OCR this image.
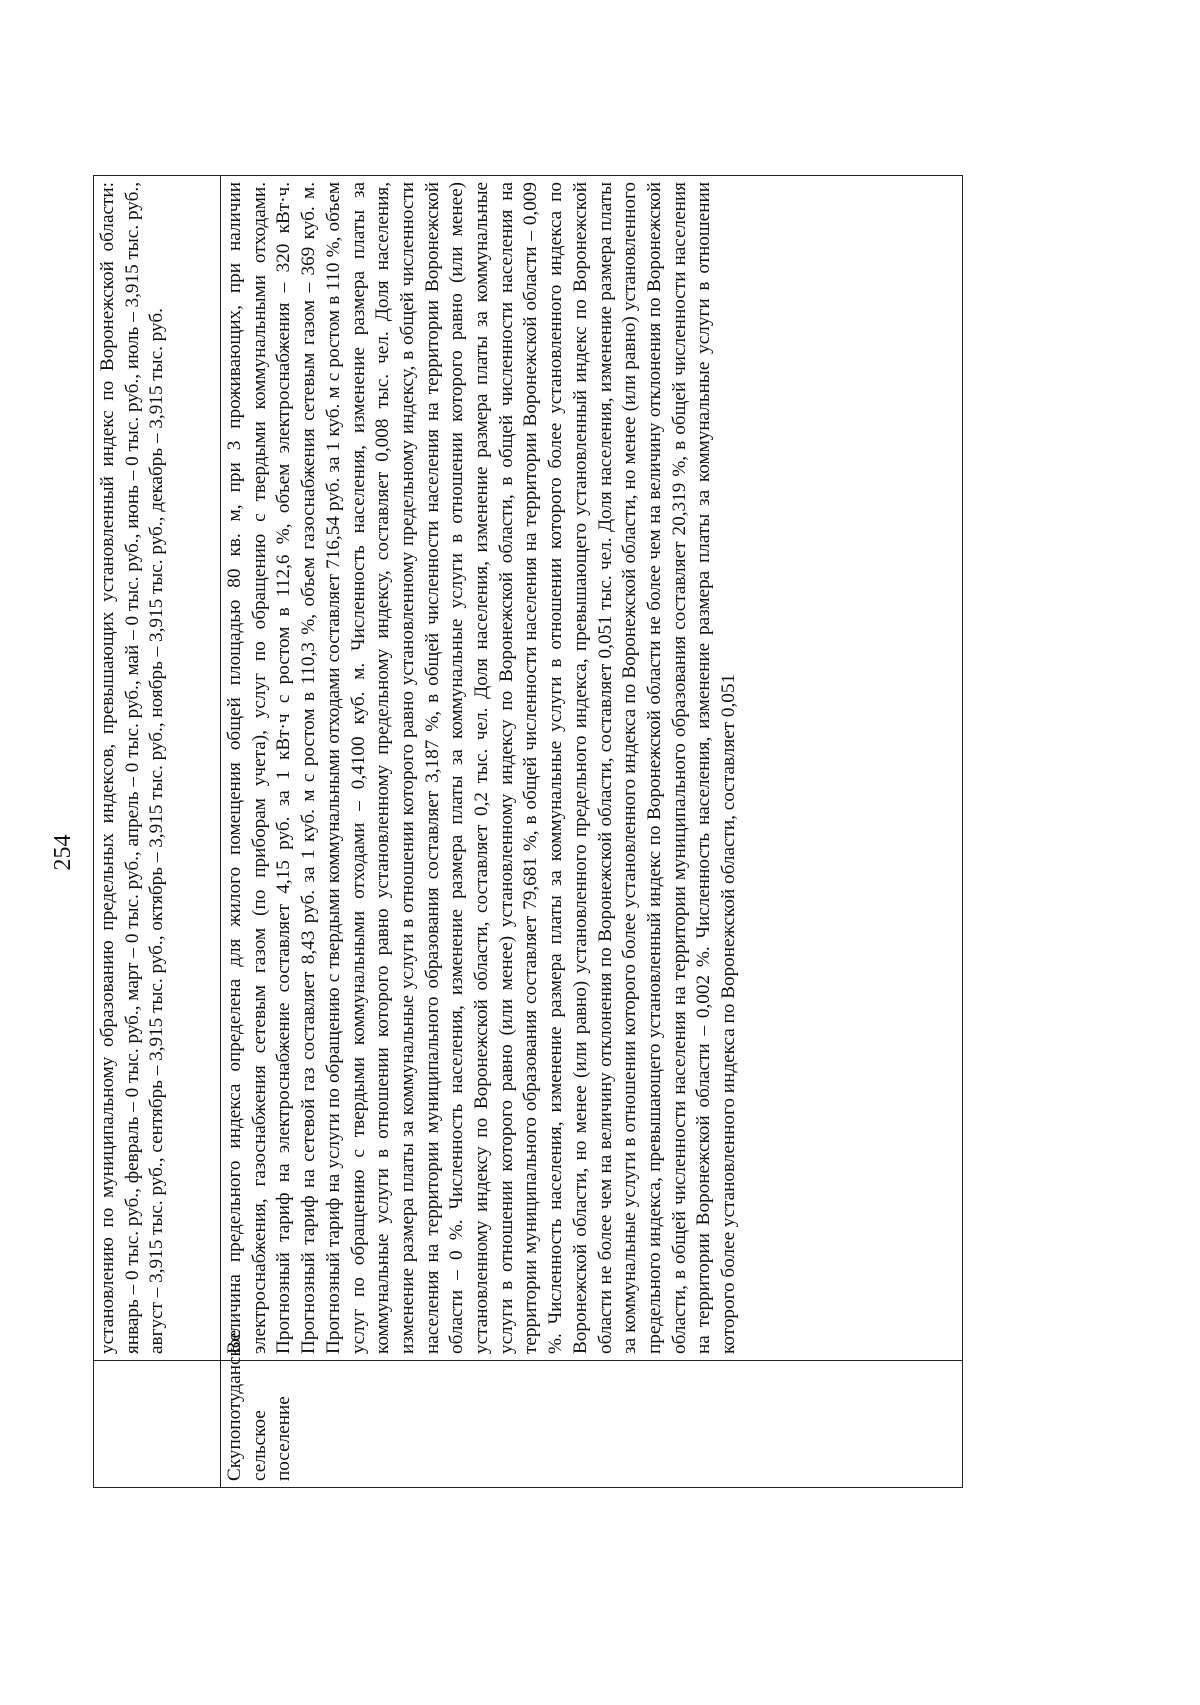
254
	установлению по муниципальному образованию предельных индексов, превышающих установленный индекс по Воронежской области: январь – 0 тыс. руб., февраль – 0 тыс. руб., март – 0 тыс. руб., апрель – 0 тыс. руб., май – 0 тыс. руб., июнь – 0 тыс. руб., июль – 3,915 тыс. руб., август – 3,915 тыс. руб., сентябрь – 3,915 тыс. руб., октябрь – 3,915 тыс. руб., ноябрь – 3,915 тыс. руб., декабрь – 3,915 тыс. руб.
Скупопотуданское сельское поселение	Величина предельного индекса определена для жилого помещения общей площадью 80 кв. м, при 3 проживающих, при наличии электроснабжения, газоснабжения сетевым газом (по приборам учета), услуг по обращению с твердыми коммунальными отходами. Прогнозный тариф на электроснабжение составляет 4,15 руб. за 1 кВт·ч с ростом в 112,6 %, объем электроснабжения – 320 кВт·ч. Прогнозный тариф на сетевой газ составляет 8,43 руб. за 1 куб. м с ростом в 110,3 %, объем газоснабжения сетевым газом – 369 куб. м. Прогнозный тариф на услуги по обращению с твердыми коммунальными отходами составляет 716,54 руб. за 1 куб. м с ростом в 110 %, объем услуг по обращению с твердыми коммунальными отходами – 0,4100 куб. м. Численность населения, изменение размера платы за коммунальные услуги в отношении которого равно установленному предельному индексу, составляет 0,008 тыс. чел. Доля населения, изменение размера платы за коммунальные услуги в отношении которого равно установленному предельному индексу, в общей численности населения на территории муниципального образования составляет 3,187 %, в общей численности населения на территории Воронежской области – 0 %. Численность населения, изменение размера платы за коммунальные услуги в отношении которого равно (или менее) установленному индексу по Воронежской области, составляет 0,2 тыс. чел. Доля населения, изменение размера платы за коммунальные услуги в отношении которого равно (или менее) установленному индексу по Воронежской области, в общей численности населения на территории муниципального образования составляет 79,681 %, в общей численности населения на территории Воронежской области – 0,009 %. Численность населения, изменение размера платы за коммунальные услуги в отношении которого более установленного индекса по Воронежской области, но менее (или равно) установленного предельного индекса, превышающего установленный индекс по Воронежской области не более чем на величину отклонения по Воронежской области, составляет 0,051 тыс. чел. Доля населения, изменение размера платы за коммунальные услуги в отношении которого более установленного индекса по Воронежской области, но менее (или равно) установленного предельного индекса, превышающего установленный индекс по Воронежской области не более чем на величину отклонения по Воронежской области, в общей численности населения на территории муниципального образования составляет 20,319 %, в общей численности населения на территории Воронежской области – 0,002 %. Численность населения, изменение размера платы за коммунальные услуги в отношении которого более установленного индекса по Воронежской области, составляет 0,051
